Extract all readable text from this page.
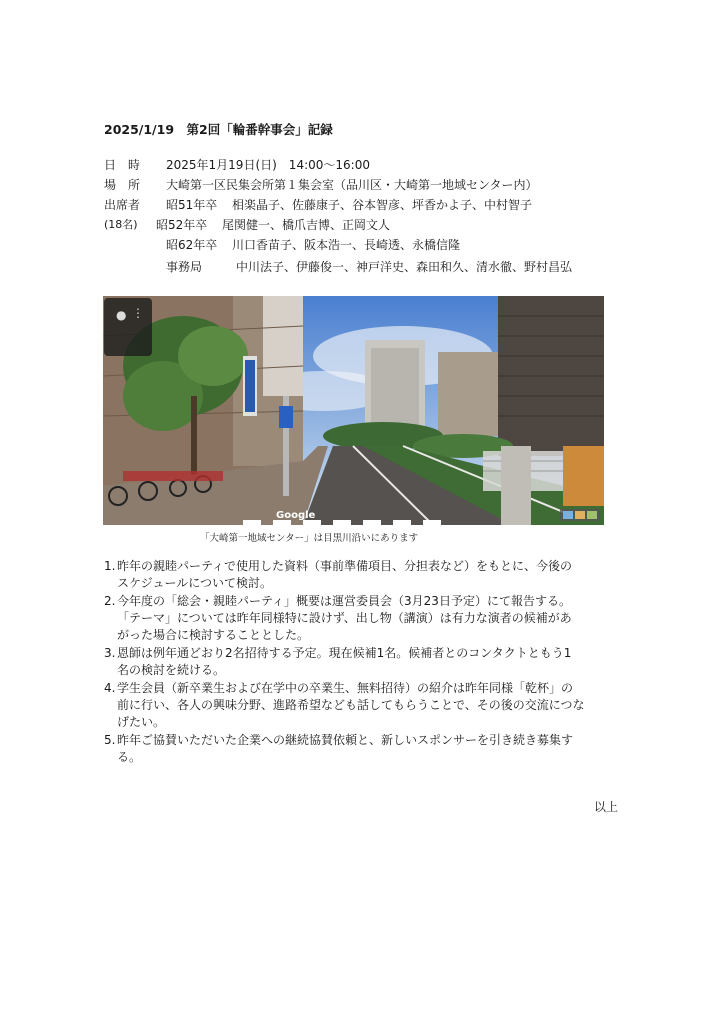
2025/1/19　第2回「輪番幹事会」記録
日　時 2025年1月19日(日)　14:00〜16:00
場　所 大崎第一区民集会所第１集会室（品川区・大崎第一地域センター内）
出席者 昭51年卒 相楽晶子、佐藤康子、谷本智彦、坪香かよ子、中村智子
(18名) 昭52年卒 尾関健一、橋爪吉博、正岡文人
昭62年卒 川口香苗子、阪本浩一、長崎透、永橋信隆
事務局	中川法子、伊藤俊一、神戸洋史、森田和久、清水徹、野村昌弘
● ⋮
Google
「大崎第一地域センター」は目黒川沿いにあります
1. 昨年の親睦パーティで使用した資料（事前準備項目、分担表など）をもとに、今後の
スケジュールについて検討。
2. 今年度の「総会・親睦パーティ」概要は運営委員会（3月23日予定）にて報告する。
「テーマ」については昨年同様特に設けず、出し物（講演）は有力な演者の候補があ
がった場合に検討することとした。
3. 恩師は例年通どおり2名招待する予定。現在候補1名。候補者とのコンタクトともう1
名の検討を続ける。
4. 学生会員（新卒業生および在学中の卒業生、無料招待）の紹介は昨年同様「乾杯」の
前に行い、各人の興味分野、進路希望なども話してもらうことで、その後の交流につな
げたい。
5. 昨年ご協賛いただいた企業への継続協賛依頼と、新しいスポンサーを引き続き募集す
る。
以上
